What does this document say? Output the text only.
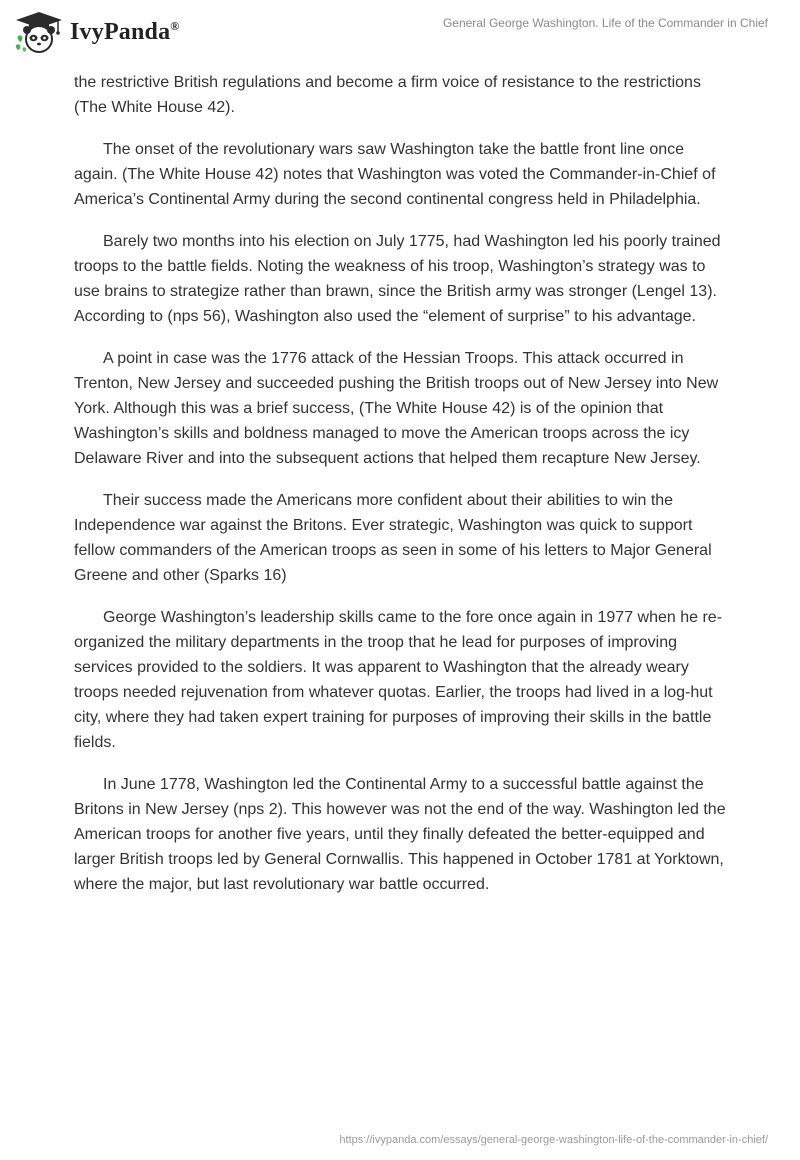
IvyPanda®	General George Washington. Life of the Commander in Chief

the restrictive British regulations and become a firm voice of resistance to the restrictions (The White House 42).

The onset of the revolutionary wars saw Washington take the battle front line once again. (The White House 42) notes that Washington was voted the Commander-in-Chief of America’s Continental Army during the second continental congress held in Philadelphia.

Barely two months into his election on July 1775, had Washington led his poorly trained troops to the battle fields. Noting the weakness of his troop, Washington’s strategy was to use brains to strategize rather than brawn, since the British army was stronger (Lengel 13). According to (nps 56), Washington also used the “element of surprise” to his advantage.

A point in case was the 1776 attack of the Hessian Troops. This attack occurred in Trenton, New Jersey and succeeded pushing the British troops out of New Jersey into New York. Although this was a brief success, (The White House 42) is of the opinion that Washington’s skills and boldness managed to move the American troops across the icy Delaware River and into the subsequent actions that helped them recapture New Jersey.

Their success made the Americans more confident about their abilities to win the Independence war against the Britons. Ever strategic, Washington was quick to support fellow commanders of the American troops as seen in some of his letters to Major General Greene and other (Sparks 16)

George Washington’s leadership skills came to the fore once again in 1977 when he re-organized the military departments in the troop that he lead for purposes of improving services provided to the soldiers. It was apparent to Washington that the already weary troops needed rejuvenation from whatever quotas. Earlier, the troops had lived in a log-hut city, where they had taken expert training for purposes of improving their skills in the battle fields.

In June 1778, Washington led the Continental Army to a successful battle against the Britons in New Jersey (nps 2). This however was not the end of the way. Washington led the American troops for another five years, until they finally defeated the better-equipped and larger British troops led by General Cornwallis. This happened in October 1781 at Yorktown, where the major, but last revolutionary war battle occurred.

https://ivypanda.com/essays/general-george-washington-life-of-the-commander-in-chief/
